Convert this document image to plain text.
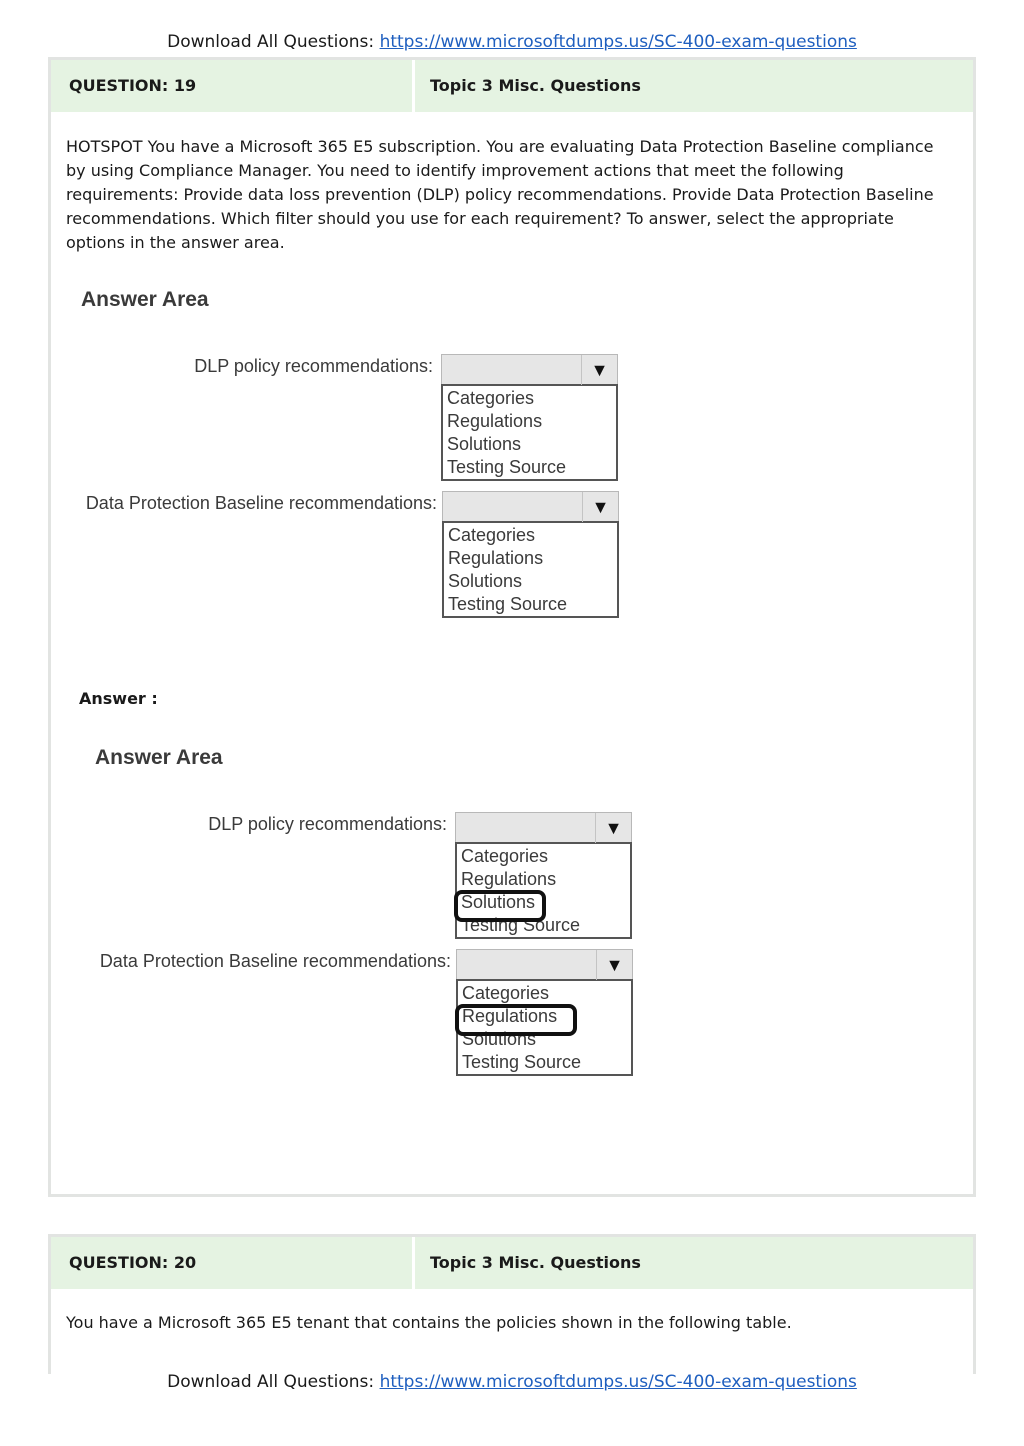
Download All Questions: https://www.microsoftdumps.us/SC-400-exam-questions
QUESTION: 19	Topic 3 Misc. Questions

HOTSPOT You have a Microsoft 365 E5 subscription. You are evaluating Data Protection Baseline compliance by using Compliance Manager. You need to identify improvement actions that meet the following requirements: Provide data loss prevention (DLP) policy recommendations. Provide Data Protection Baseline recommendations. Which filter should you use for each requirement? To answer, select the appropriate options in the answer area.

Answer Area
DLP policy recommendations:	▼
Categories
Regulations
Solutions
Testing Source
Data Protection Baseline recommendations:	▼
Categories
Regulations
Solutions
Testing Source
Answer :
Answer Area
DLP policy recommendations:	▼
Categories
Regulations
Solutions
Testing Source
Data Protection Baseline recommendations:	▼
Categories
Regulations
Solutions
Testing Source
QUESTION: 20	Topic 3 Misc. Questions

You have a Microsoft 365 E5 tenant that contains the policies shown in the following table.

Download All Questions: https://www.microsoftdumps.us/SC-400-exam-questions
